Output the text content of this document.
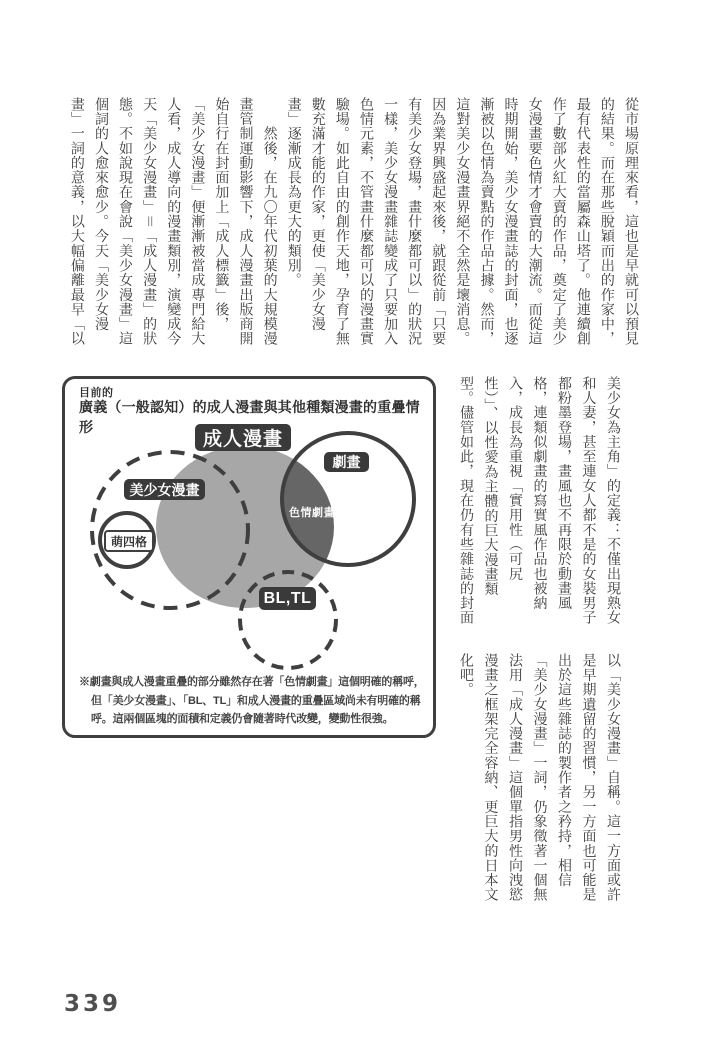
從市場原理來看，這也是早就可以預見
的結果。而在那些脫穎而出的作家中，
最有代表性的當屬森山塔了。他連續創
作了數部火紅大賣的作品，奠定了美少
女漫畫要色情才會賣的大潮流。而從這
時期開始，美少女漫畫誌的封面，也逐
漸被以色情為賣點的作品占據。然而，
這對美少女漫畫界絕不全然是壞消息。
因為業界興盛起來後，就跟從前「只要
有美少女登場，畫什麼都可以」的狀況
一樣，美少女漫畫雜誌變成了只要加入
色情元素，不管畫什麼都可以的漫畫實
驗場。如此自由的創作天地，孕育了無
數充滿才能的作家，更使「美少女漫
畫」逐漸成長為更大的類別。
　　然後，在九〇年代初葉的大規模漫
畫管制運動影響下，成人漫畫出版商開
始自行在封面加上「成人標籤」後，
「美少女漫畫」便漸漸被當成專門給大
人看，成人導向的漫畫類別，演變成今
天「美少女漫畫」＝「成人漫畫」的狀
態。不如說現在會說「美少女漫畫」這
個詞的人愈來愈少。今天「美少女漫
畫」一詞的意義，以大幅偏離最早「以
目前的
廣義（一般認知）的成人漫畫與其他種類漫畫的重疊情形
成人漫畫
劇畫
美少女漫畫
色情劇畫
萌四格
BL,TL
※劇畫與成人漫畫重疊的部分雖然存在著「色情劇畫」這個明確的稱呼，
但「美少女漫畫」、「BL、TL」和成人漫畫的重疊區域尚未有明確的稱
呼。這兩個區塊的面積和定義仍會隨著時代改變，變動性很強。
美少女為主角」的定義：不僅出現熟女
和人妻，甚至連女人都不是的女裝男子
都粉墨登場，畫風也不再限於動畫風
格，連類似劇畫的寫實風作品也被納
入，成長為重視「實用性（可尻
性）」、以性愛為主體的巨大漫畫類
型。儘管如此，現在仍有些雜誌的封面
以「美少女漫畫」自稱。這一方面或許
是早期遺留的習慣，另一方面也可能是
出於這些雜誌的製作者之矜持，相信
「美少女漫畫」一詞，仍象徵著一個無
法用「成人漫畫」這個單指男性向洩慾
漫畫之框架完全容納、更巨大的日本文
化吧。
339
